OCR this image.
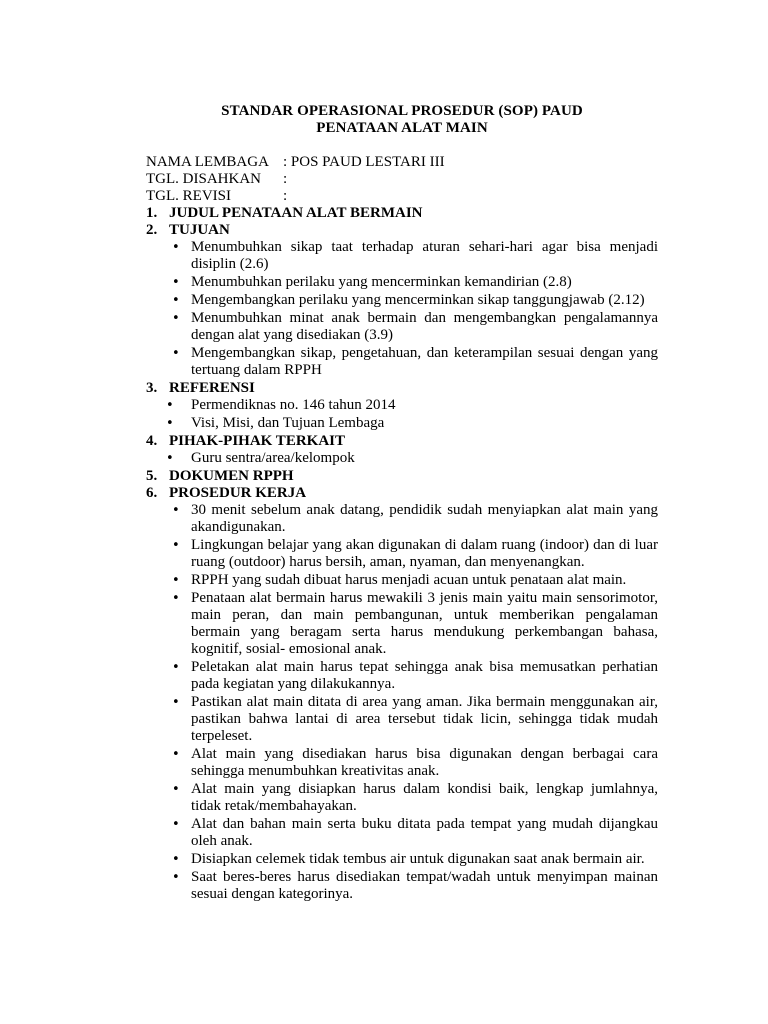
STANDAR OPERASIONAL PROSEDUR (SOP) PAUD
PENATAAN ALAT MAIN
NAMA LEMBAGA : POS PAUD LESTARI III
TGL. DISAHKAN	:
TGL. REVISI	:
1. JUDUL PENATAAN ALAT BERMAIN
2. TUJUAN
• Menumbuhkan sikap taat terhadap aturan sehari-hari agar bisa menjadi disiplin (2.6)
• Menumbuhkan perilaku yang mencerminkan kemandirian (2.8)
• Mengembangkan perilaku yang mencerminkan sikap tanggungjawab (2.12)
• Menumbuhkan minat anak bermain dan mengembangkan pengalamannya dengan alat yang disediakan (3.9)
• Mengembangkan sikap, pengetahuan, dan keterampilan sesuai dengan yang tertuang dalam RPPH
3. REFERENSI
• Permendiknas no. 146 tahun 2014
• Visi, Misi, dan Tujuan Lembaga
4. PIHAK-PIHAK TERKAIT
• Guru sentra/area/kelompok
5. DOKUMEN RPPH
6. PROSEDUR KERJA
• 30 menit sebelum anak datang, pendidik sudah menyiapkan alat main yang akandigunakan.
• Lingkungan belajar yang akan digunakan di dalam ruang (indoor) dan di luar ruang (outdoor) harus bersih, aman, nyaman, dan menyenangkan.
• RPPH yang sudah dibuat harus menjadi acuan untuk penataan alat main.
• Penataan alat bermain harus mewakili 3 jenis main yaitu main sensorimotor, main peran, dan main pembangunan, untuk memberikan pengalaman bermain yang beragam serta harus mendukung perkembangan bahasa, kognitif, sosial- emosional anak.
• Peletakan alat main harus tepat sehingga anak bisa memusatkan perhatian pada kegiatan yang dilakukannya.
• Pastikan alat main ditata di area yang aman. Jika bermain menggunakan air, pastikan bahwa lantai di area tersebut tidak licin, sehingga tidak mudah terpeleset.
• Alat main yang disediakan harus bisa digunakan dengan berbagai cara sehingga menumbuhkan kreativitas anak.
• Alat main yang disiapkan harus dalam kondisi baik, lengkap jumlahnya, tidak retak/membahayakan.
• Alat dan bahan main serta buku ditata pada tempat yang mudah dijangkau oleh anak.
• Disiapkan celemek tidak tembus air untuk digunakan saat anak bermain air.
• Saat beres-beres harus disediakan tempat/wadah untuk menyimpan mainan sesuai dengan kategorinya.
